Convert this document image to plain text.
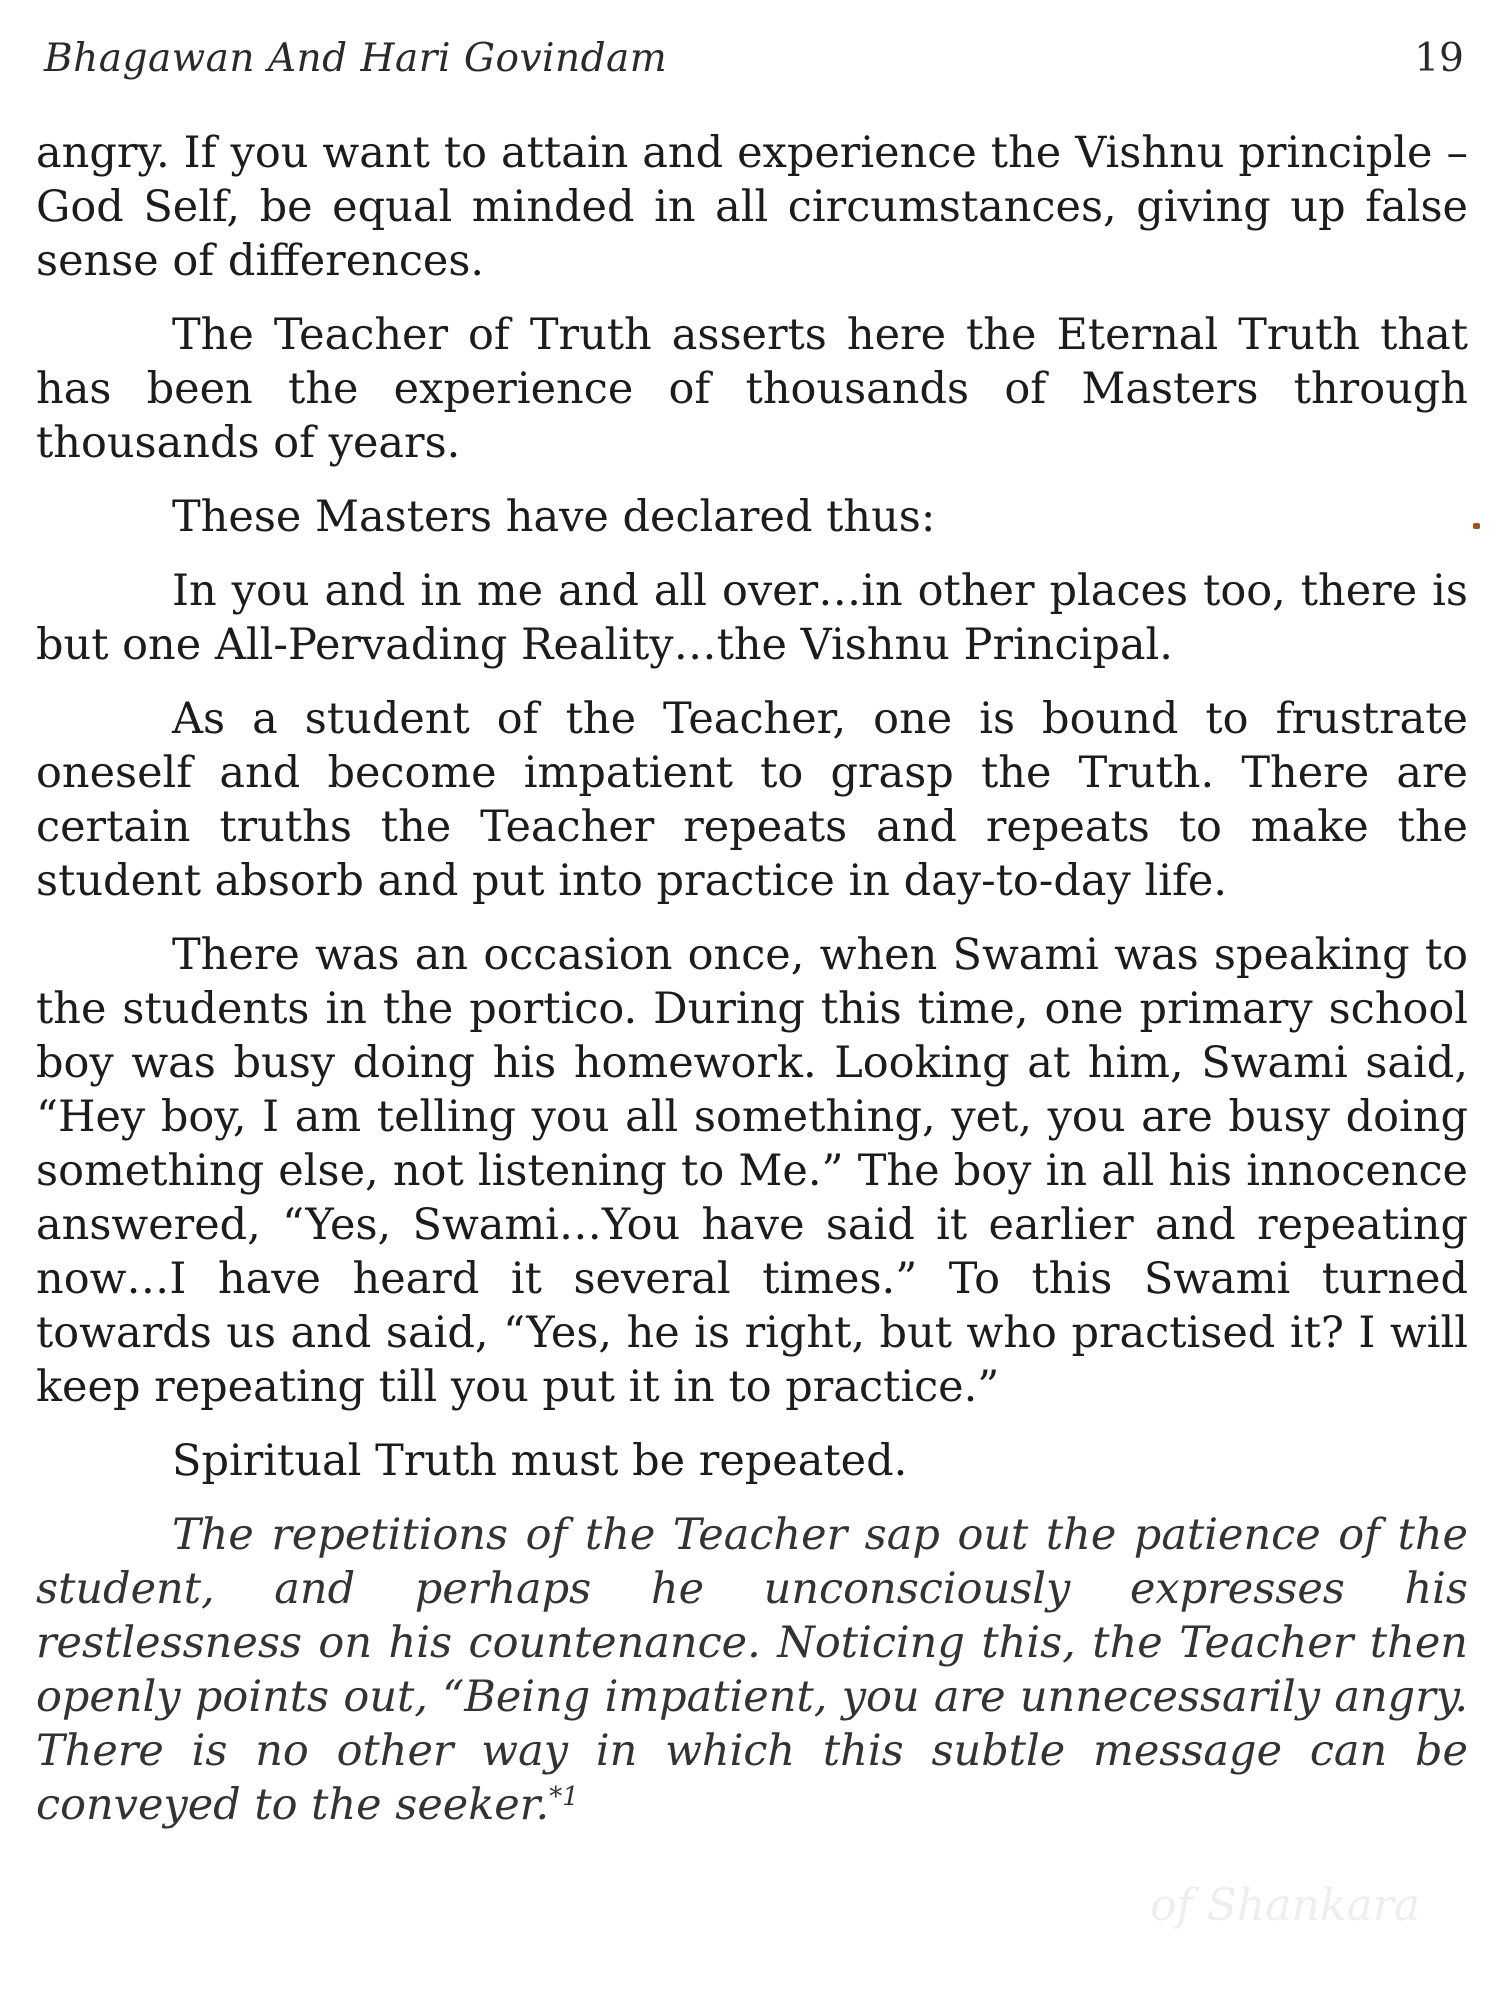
Bhagawan And Hari Govindam	19

angry. If you want to attain and experience the Vishnu principle – God Self, be equal minded in all circumstances, giving up false sense of differences.

The Teacher of Truth asserts here the Eternal Truth that has been the experience of thousands of Masters through thousands of years.

These Masters have declared thus:

In you and in me and all over…in other places too, there is but one All-Pervading Reality…the Vishnu Principal.

As a student of the Teacher, one is bound to frustrate oneself and become impatient to grasp the Truth. There are certain truths the Teacher repeats and repeats to make the student absorb and put into practice in day-to-day life.

There was an occasion once, when Swami was speaking to the students in the portico. During this time, one primary school boy was busy doing his homework. Looking at him, Swami said, “Hey boy, I am telling you all something, yet, you are busy doing something else, not listening to Me.” The boy in all his innocence answered, “Yes, Swami…You have said it earlier and repeating now…I have heard it several times.” To this Swami turned towards us and said, “Yes, he is right, but who practised it? I will keep repeating till you put it in to practice.”

Spiritual Truth must be repeated.

The repetitions of the Teacher sap out the patience of the student, and perhaps he unconsciously expresses his restlessness on his countenance. Noticing this, the Teacher then openly points out, “Being impatient, you are unnecessarily angry. There is no other way in which this subtle message can be conveyed to the seeker.$^{*1}$

of Shankara
